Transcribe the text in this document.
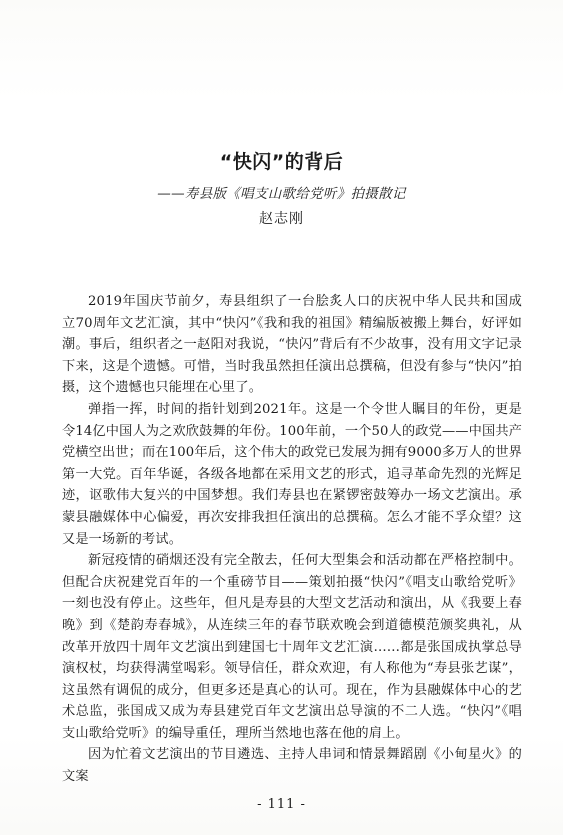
“快闪”的背后
——寿县版《唱支山歌给党听》拍摄散记
赵志刚

2019年国庆节前夕，寿县组织了一台脍炙人口的庆祝中华人民共和国成立70周年文艺汇演，其中“快闪”《我和我的祖国》精编版被搬上舞台，好评如潮。事后，组织者之一赵阳对我说，“快闪”背后有不少故事，没有用文字记录下来，这是个遗憾。可惜，当时我虽然担任演出总撰稿，但没有参与“快闪”拍摄，这个遗憾也只能埋在心里了。

弹指一挥，时间的指针划到2021年。这是一个令世人瞩目的年份，更是令14亿中国人为之欢欣鼓舞的年份。100年前，一个50人的政党——中国共产党横空出世；而在100年后，这个伟大的政党已发展为拥有9000多万人的世界第一大党。百年华诞，各级各地都在采用文艺的形式，追寻革命先烈的光辉足迹，讴歌伟大复兴的中国梦想。我们寿县也在紧锣密鼓筹办一场文艺演出。承蒙县融媒体中心偏爱，再次安排我担任演出的总撰稿。怎么才能不孚众望？这又是一场新的考试。

新冠疫情的硝烟还没有完全散去，任何大型集会和活动都在严格控制中。但配合庆祝建党百年的一个重磅节目——策划拍摄“快闪”《唱支山歌给党听》一刻也没有停止。这些年，但凡是寿县的大型文艺活动和演出，从《我要上春晚》到《楚韵寿春城》，从连续三年的春节联欢晚会到道德模范颁奖典礼，从改革开放四十周年文艺演出到建国七十周年文艺汇演……都是张国成执掌总导演权杖，均获得满堂喝彩。领导信任，群众欢迎，有人称他为“寿县张艺谋”，这虽然有调侃的成分，但更多还是真心的认可。现在，作为县融媒体中心的艺术总监，张国成又成为寿县建党百年文艺演出总导演的不二人选。“快闪”《唱支山歌给党听》的编导重任，理所当然地也落在他的肩上。

因为忙着文艺演出的节目遴选、主持人串词和情景舞蹈剧《小甸星火》的文案

- 111 -
